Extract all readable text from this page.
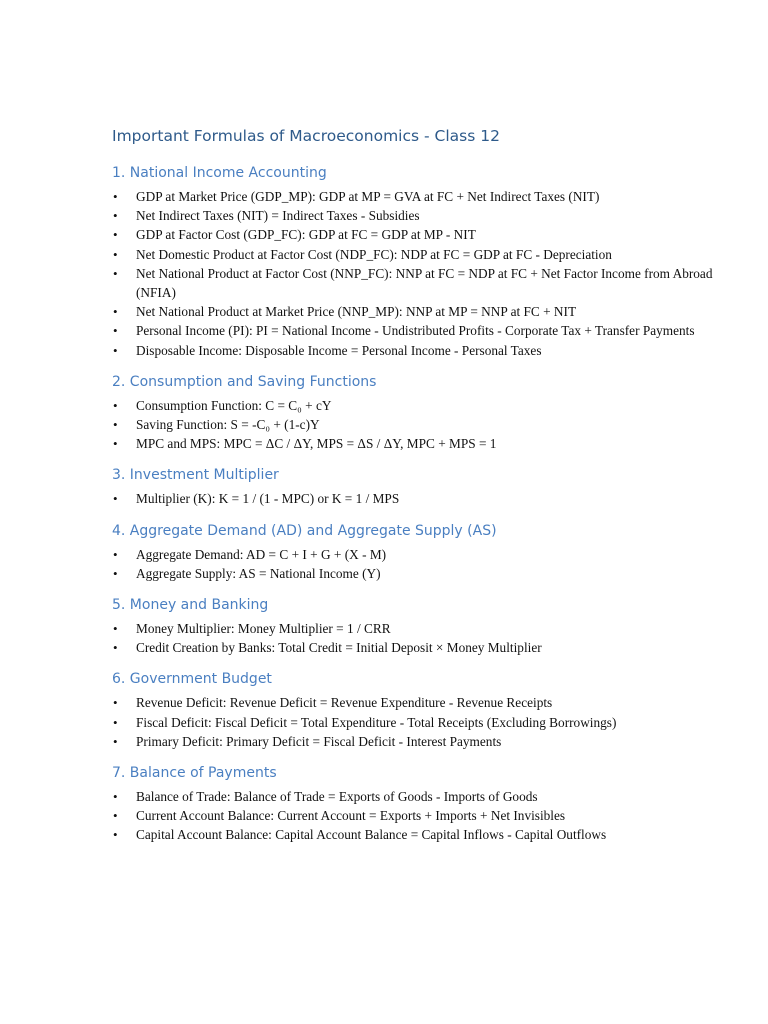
Important Formulas of Macroeconomics - Class 12
1. National Income Accounting
• GDP at Market Price (GDP_MP): GDP at MP = GVA at FC + Net Indirect Taxes (NIT)
• Net Indirect Taxes (NIT) = Indirect Taxes - Subsidies
• GDP at Factor Cost (GDP_FC): GDP at FC = GDP at MP - NIT
• Net Domestic Product at Factor Cost (NDP_FC): NDP at FC = GDP at FC - Depreciation
• Net National Product at Factor Cost (NNP_FC): NNP at FC = NDP at FC + Net Factor Income from Abroad (NFIA)
• Net National Product at Market Price (NNP_MP): NNP at MP = NNP at FC + NIT
• Personal Income (PI): PI = National Income - Undistributed Profits - Corporate Tax + Transfer Payments
• Disposable Income: Disposable Income = Personal Income - Personal Taxes
2. Consumption and Saving Functions
• Consumption Function: C = C₀ + cY
• Saving Function: S = -C₀ + (1-c)Y
• MPC and MPS: MPC = ΔC / ΔY, MPS = ΔS / ΔY, MPC + MPS = 1
3. Investment Multiplier
• Multiplier (K): K = 1 / (1 - MPC) or K = 1 / MPS
4. Aggregate Demand (AD) and Aggregate Supply (AS)
• Aggregate Demand: AD = C + I + G + (X - M)
• Aggregate Supply: AS = National Income (Y)
5. Money and Banking
• Money Multiplier: Money Multiplier = 1 / CRR
• Credit Creation by Banks: Total Credit = Initial Deposit × Money Multiplier
6. Government Budget
• Revenue Deficit: Revenue Deficit = Revenue Expenditure - Revenue Receipts
• Fiscal Deficit: Fiscal Deficit = Total Expenditure - Total Receipts (Excluding Borrowings)
• Primary Deficit: Primary Deficit = Fiscal Deficit - Interest Payments
7. Balance of Payments
• Balance of Trade: Balance of Trade = Exports of Goods - Imports of Goods
• Current Account Balance: Current Account = Exports + Imports + Net Invisibles
• Capital Account Balance: Capital Account Balance = Capital Inflows - Capital Outflows
